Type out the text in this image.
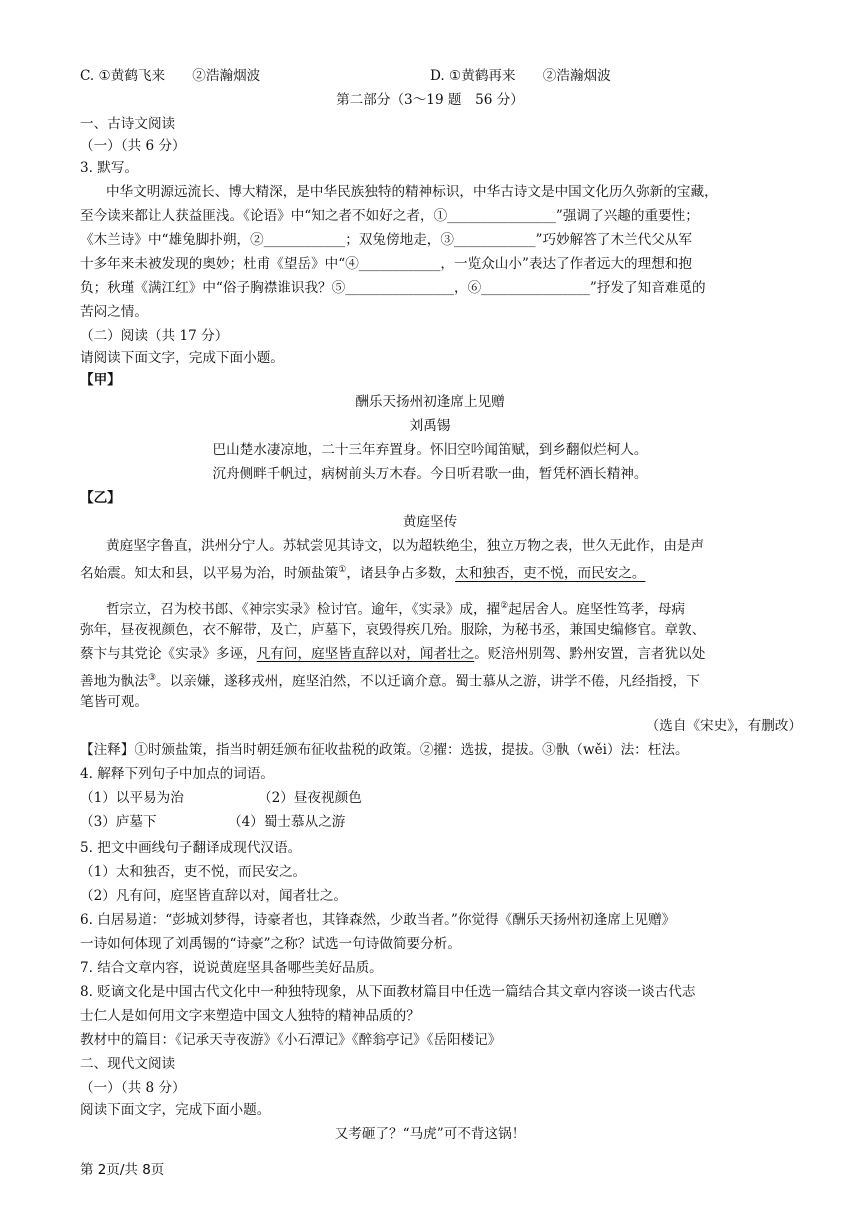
C. ①黄鹤飞来　　②浩瀚烟波	D. ①黄鹤再来　　②浩瀚烟波
第二部分（3～19 题　56 分）
一、古诗文阅读
（一）（共 6 分）
3. 默写。
中华文明源远流长、博大精深，是中华民族独特的精神标识，中华古诗文是中国文化历久弥新的宝藏，
至今读来都让人获益匪浅。《论语》中“知之者不如好之者，①________________”强调了兴趣的重要性；
《木兰诗》中“雄兔脚扑朔，②____________；双兔傍地走，③____________”巧妙解答了木兰代父从军
十多年来未被发现的奥妙；杜甫《望岳》中“④____________，一览众山小”表达了作者远大的理想和抱
负；秋瑾《满江红》中“俗子胸襟谁识我？⑤________________，⑥________________”抒发了知音难觅的
苦闷之情。
（二）阅读（共 17 分）
请阅读下面文字，完成下面小题。
【甲】
酬乐天扬州初逢席上见赠
刘禹锡
巴山楚水凄凉地，二十三年弃置身。怀旧空吟闻笛赋，到乡翻似烂柯人。
沉舟侧畔千帆过，病树前头万木春。今日听君歌一曲，暂凭杯酒长精神。
【乙】
黄庭坚传
黄庭坚字鲁直，洪州分宁人。苏轼尝见其诗文，以为超轶绝尘，独立万物之表，世久无此作，由是声
名始震。知太和县，以平易为治，时颁盐策①，诸县争占多数，太和独否，吏不悦，而民安之。
哲宗立，召为校书郎、《神宗实录》检讨官。逾年，《实录》成，擢②起居舍人。庭坚性笃孝，母病
弥年，昼夜视颜色，衣不解带，及亡，庐墓下，哀毁得疾几殆。服除，为秘书丞，兼国史编修官。章敦、
蔡卞与其党论《实录》多诬，凡有问，庭坚皆直辞以对，闻者壮之。贬涪州别驾、黔州安置，言者犹以处
善地为骫法③。以亲嫌，遂移戎州，庭坚泊然，不以迁谪介意。蜀士慕从之游，讲学不倦，凡经指授，下
笔皆可观。
（选自《宋史》，有删改）
【注释】①时颁盐策，指当时朝廷颁布征收盐税的政策。②擢：选拔，提拔。③骫（wěi）法：枉法。
4. 解释下列句子中加点的词语。
（1）以平易为治	（2）昼夜视颜色
（3）庐墓下	（4）蜀士慕从之游
5. 把文中画线句子翻译成现代汉语。
（1）太和独否，吏不悦，而民安之。
（2）凡有问，庭坚皆直辞以对，闻者壮之。
6. 白居易道：“彭城刘梦得，诗豪者也，其锋森然，少敢当者。”你觉得《酬乐天扬州初逢席上见赠》
一诗如何体现了刘禹锡的“诗豪”之称？试选一句诗做简要分析。
7. 结合文章内容，说说黄庭坚具备哪些美好品质。
8. 贬谪文化是中国古代文化中一种独特现象，从下面教材篇目中任选一篇结合其文章内容谈一谈古代志
士仁人是如何用文字来塑造中国文人独特的精神品质的？
教材中的篇目：《记承天寺夜游》《小石潭记》《醉翁亭记》《岳阳楼记》
二、现代文阅读
（一）（共 8 分）
阅读下面文字，完成下面小题。
又考砸了？“马虎”可不背这锅！
第 2页/共 8页
